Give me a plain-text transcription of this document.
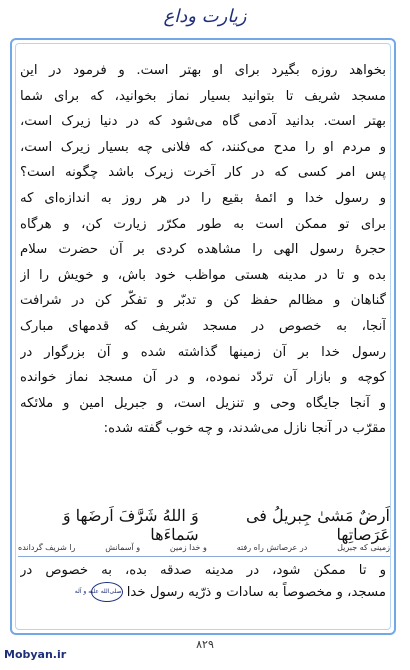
زیارت وداع
بخواهد روزه بگیرد برای او بهتر است. و فرمود در این
مسجد شریف تا بتوانید بسیار نماز بخوانید، که برای شما
بهتر است. بدانید آدمی گاه می‌شود که در دنیا زیرک است،
و مردم او را مدح می‌کنند، که فلانی چه بسیار زیرک است،
پس امر کسی که در کار آخرت زیرک باشد چگونه است؟
و رسول خدا و ائمهٔ بقیع را در هر روز به اندازه‌ای که
برای تو ممکن است به طور مکرّر زیارت کن، و هرگاه
حجرهٔ رسول الهی را مشاهده کردی بر آن حضرت سلام
بده و تا در مدینه هستی مواظب خود باش، و خویش را از
گناهان و مظالم حفظ کن و تدبّر و تفکّر کن در شرافت
آنجا، به خصوص در مسجد شریف که قدمهای مبارک
رسول خدا بر آن زمینها گذاشته شده و آن بزرگوار در
کوچه و بازار آن تردّد نموده، و در آن مسجد نماز خوانده
و آنجا جایگاه وحی و تنزیل است، و جبریل امین و ملائکه
مقرّب در آنجا نازل می‌شدند، و چه خوب گفته شده:
اَرضٌ مَشیٰ جِبریلُ فی عَرَصاتِها
وَ اللهُ شَرَّفَ اَرضَها وَ سَماءَها
زمینی که جبریل
در عرصاتش راه رفته
و خدا زمین
و آسمانش
را شریف گردانده
و تا ممکن شود، در مدینه صدقه بده، به خصوص در
مسجد، و مخصوصاً به سادات و ذرّیه رسول خدا صلی‌الله علیه و آله
۸۲۹
Mobyan.ir
